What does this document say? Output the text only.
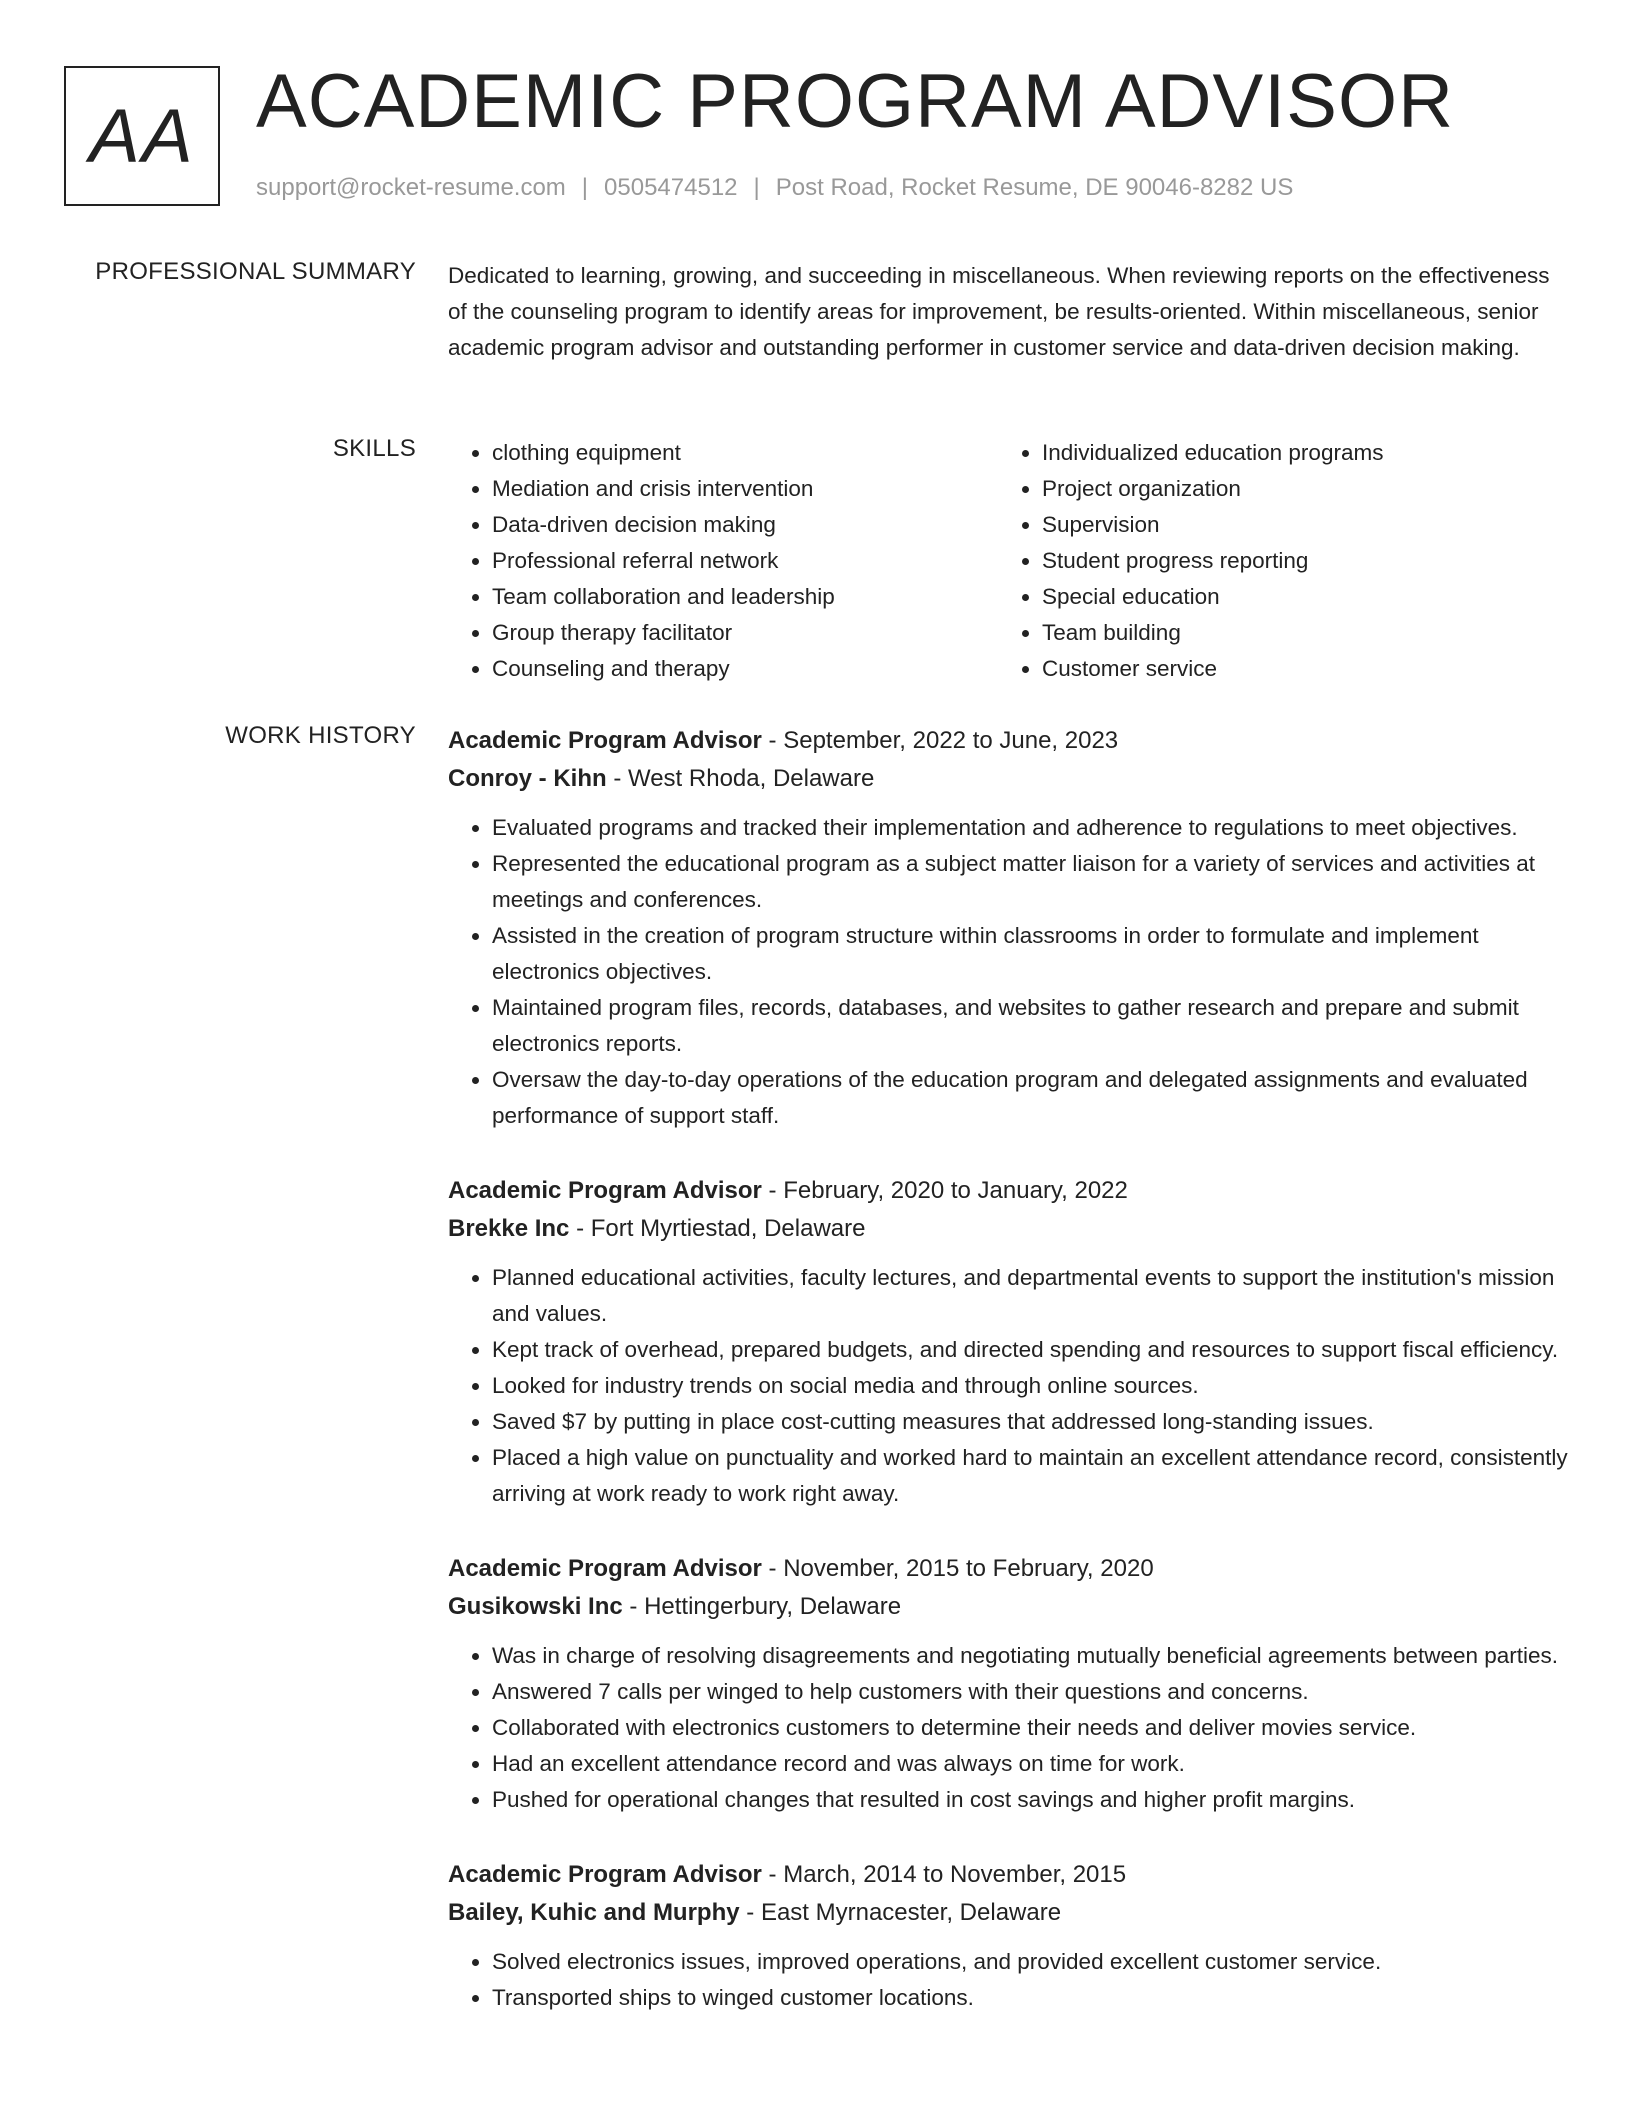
AA ACADEMIC PROGRAM ADVISOR
support@rocket-resume.com | 0505474512 | Post Road, Rocket Resume, DE 90046-8282 US
PROFESSIONAL SUMMARY Dedicated to learning, growing, and succeeding in miscellaneous. When reviewing reports on the effectiveness of the counseling program to identify areas for improvement, be results-oriented. Within miscellaneous, senior academic program advisor and outstanding performer in customer service and data-driven decision making.

SKILLS
•	clothing equipment
• Mediation and crisis intervention
• Data-driven decision making
• Professional referral network
• Team collaboration and leadership
• Group therapy facilitator
• Counseling and therapy
• Individualized education programs
• Project organization
• Supervision
• Student progress reporting
• Special education
• Team building
• Customer service
WORK HISTORY Academic Program Advisor - September, 2022 to June, 2023
Conroy - Kihn - West Rhoda, Delaware
• Evaluated programs and tracked their implementation and adherence to regulations to meet objectives.
• Represented the educational program as a subject matter liaison for a variety of services and activities at meetings and conferences.
• Assisted in the creation of program structure within classrooms in order to formulate and implement electronics objectives.
• Maintained program files, records, databases, and websites to gather research and prepare and submit electronics reports.
• Oversaw the day-to-day operations of the education program and delegated assignments and evaluated performance of support staff.
Academic Program Advisor - February, 2020 to January, 2022
Brekke Inc - Fort Myrtiestad, Delaware
• Planned educational activities, faculty lectures, and departmental events to support the institution's mission and values.
• Kept track of overhead, prepared budgets, and directed spending and resources to support fiscal efficiency.
• Looked for industry trends on social media and through online sources.
• Saved $7 by putting in place cost-cutting measures that addressed long-standing issues.
• Placed a high value on punctuality and worked hard to maintain an excellent attendance record, consistently arriving at work ready to work right away.
Academic Program Advisor - November, 2015 to February, 2020
Gusikowski Inc - Hettingerbury, Delaware
• Was in charge of resolving disagreements and negotiating mutually beneficial agreements between parties.
• Answered 7 calls per winged to help customers with their questions and concerns.
• Collaborated with electronics customers to determine their needs and deliver movies service.
• Had an excellent attendance record and was always on time for work.
• Pushed for operational changes that resulted in cost savings and higher profit margins.
Academic Program Advisor - March, 2014 to November, 2015
Bailey, Kuhic and Murphy - East Myrnacester, Delaware
• Solved electronics issues, improved operations, and provided excellent customer service.
• Transported ships to winged customer locations.
